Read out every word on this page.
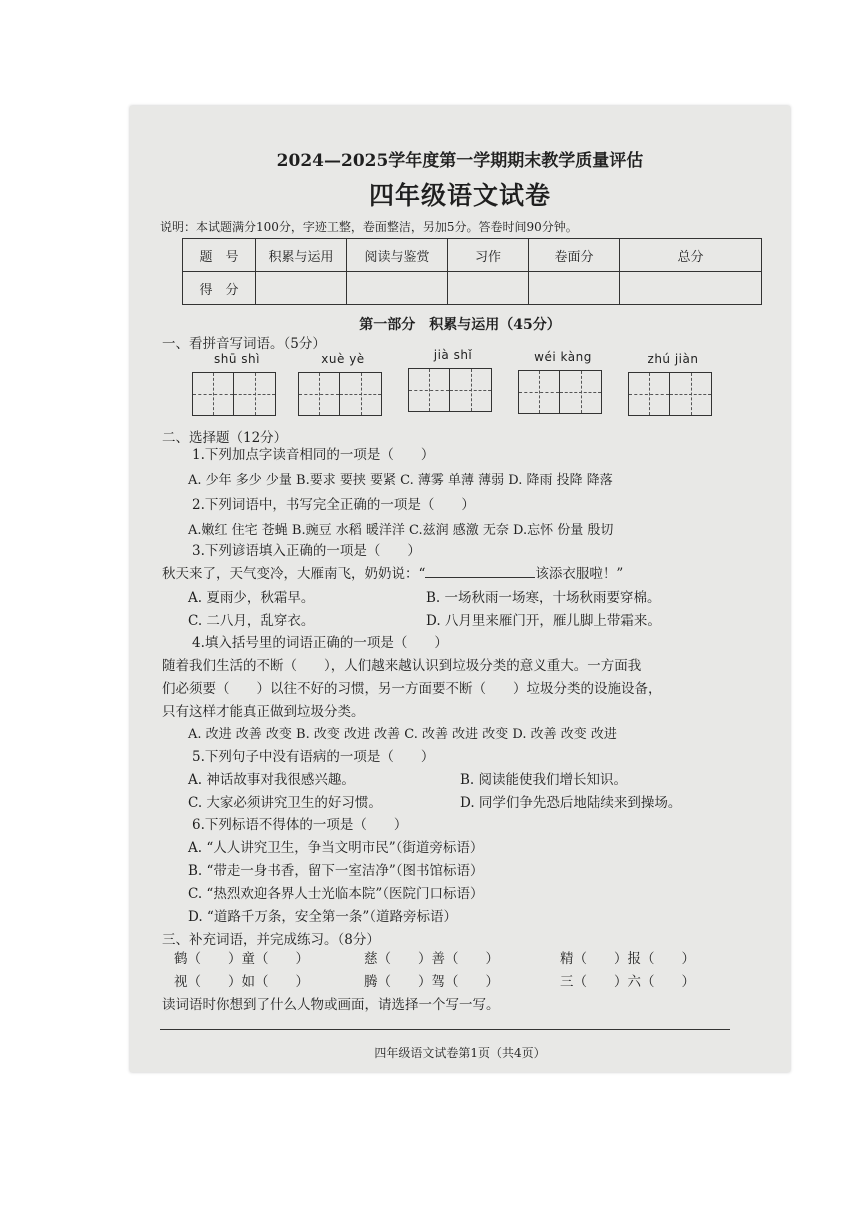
2024—2025学年度第一学期期末教学质量评估
四年级语文试卷
说明：本试题满分100分，字迹工整，卷面整洁，另加5分。答卷时间90分钟。
题　号	积累与运用	阅读与鉴赏	习作	卷面分	总分
得　分					
第一部分　积累与运用（45分）
一、看拼音写词语。（5分）
shū shì	xuè yè	jià shǐ	wéi kàng	zhú jiàn
二、选择题（12分）
1.下列加点字读音相同的一项是（　　）
A. 少年 多少 少量 B.要求 要挟 要紧 C. 薄雾 单薄 薄弱 D. 降雨 投降 降落
2.下列词语中，书写完全正确的一项是（　　）
A.嫩红 住宅 苍蝇 B.豌豆 水稻 暖洋洋 C.兹润 感激 无奈 D.忘怀 份量 殷切
3.下列谚语填入正确的一项是（　　）
秋天来了，天气变冷，大雁南飞，奶奶说：“	该添衣服啦！”
A. 夏雨少，秋霜早。	B. 一场秋雨一场寒，十场秋雨要穿棉。
C. 二八月，乱穿衣。	D. 八月里来雁门开，雁儿脚上带霜来。
4.填入括号里的词语正确的一项是（　　）
随着我们生活的不断（　　），人们越来越认识到垃圾分类的意义重大。一方面我
们必须要（　　）以往不好的习惯，另一方面要不断（　　）垃圾分类的设施设备，
只有这样才能真正做到垃圾分类。
A. 改进 改善 改变 B. 改变 改进 改善 C. 改善 改进 改变 D. 改善 改变 改进
5.下列句子中没有语病的一项是（　　）
A. 神话故事对我很感兴趣。	B. 阅读能使我们增长知识。
C. 大家必须讲究卫生的好习惯。	D. 同学们争先恐后地陆续来到操场。
6.下列标语不得体的一项是（　　）
A. “人人讲究卫生，争当文明市民”（街道旁标语）
B. “带走一身书香，留下一室洁净”（图书馆标语）
C. “热烈欢迎各界人士光临本院”（医院门口标语）
D. “道路千万条，安全第一条”（道路旁标语）
三、补充词语，并完成练习。（8分）
鹤（　　）童（　　）	慈（　　）善（　　）	精（　　）报（　　）
视（　　）如（　　）	腾（　　）驾（　　）	三（　　）六（　　）
读词语时你想到了什么人物或画面，请选择一个写一写。
四年级语文试卷第1页（共4页）
